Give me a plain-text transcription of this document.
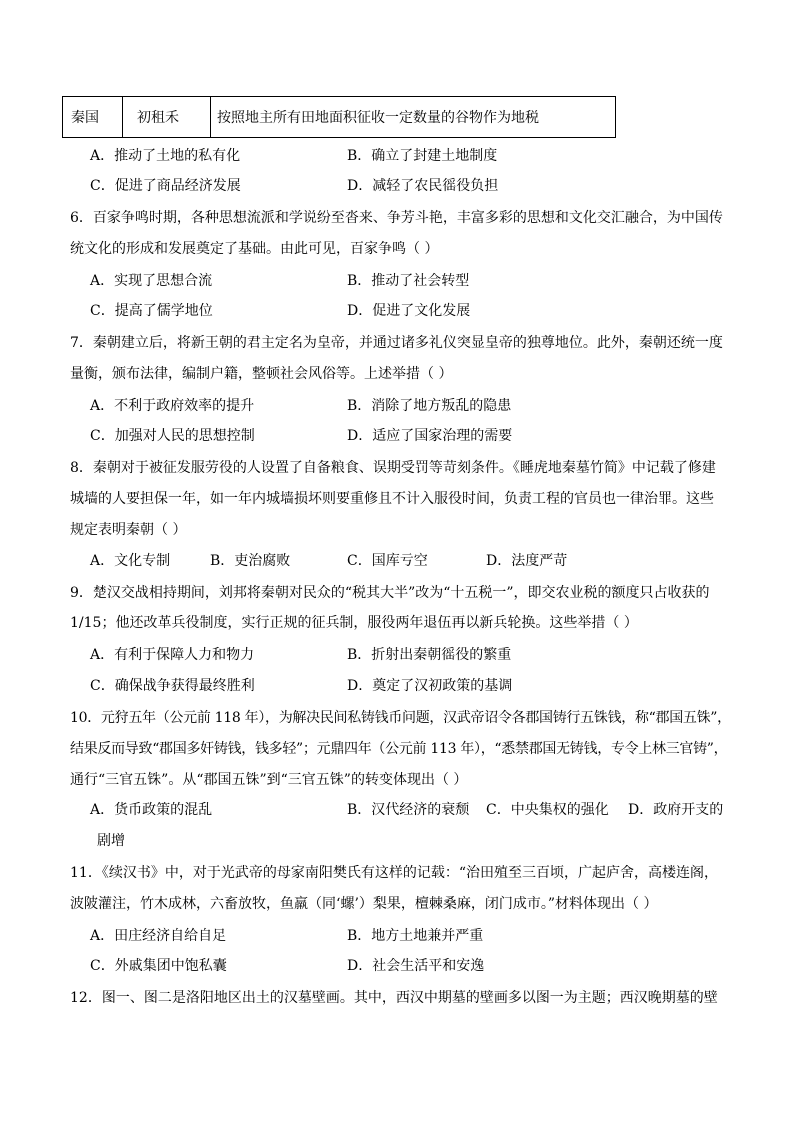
秦国	初租禾	按照地主所有田地面积征收一定数量的谷物作为地税
A．推动了土地的私有化	B．确立了封建土地制度
C．促进了商品经济发展	D．减轻了农民徭役负担
6．百家争鸣时期，各种思想流派和学说纷至沓来、争芳斗艳，丰富多彩的思想和文化交汇融合，为中国传
统文化的形成和发展奠定了基础。由此可见，百家争鸣（ ）
A．实现了思想合流	B．推动了社会转型
C．提高了儒学地位	D．促进了文化发展
7．秦朝建立后，将新王朝的君主定名为皇帝，并通过诸多礼仪突显皇帝的独尊地位。此外，秦朝还统一度
量衡，颁布法律，编制户籍，整顿社会风俗等。上述举措（ ）
A．不利于政府效率的提升	B．消除了地方叛乱的隐患
C．加强对人民的思想控制	D．适应了国家治理的需要
8．秦朝对于被征发服劳役的人设置了自备粮食、误期受罚等苛刻条件。《睡虎地秦墓竹简》中记载了修建
城墙的人要担保一年，如一年内城墙损坏则要重修且不计入服役时间，负责工程的官员也一律治罪。这些
规定表明秦朝（ ）
A．文化专制	B．吏治腐败	C．国库亏空	D．法度严苛
9．楚汉交战相持期间，刘邦将秦朝对民众的“税其大半”改为“十五税一”，即交农业税的额度只占收获的
1/15；他还改革兵役制度，实行正规的征兵制，服役两年退伍再以新兵轮换。这些举措（ ）
A．有利于保障人力和物力	B．折射出秦朝徭役的繁重
C．确保战争获得最终胜利	D．奠定了汉初政策的基调
10．元狩五年（公元前 118 年），为解决民间私铸钱币问题，汉武帝诏令各郡国铸行五铢钱，称“郡国五铢”，
结果反而导致“郡国多奸铸钱，钱多轻”；元鼎四年（公元前 113 年），“悉禁郡国无铸钱，专令上林三官铸”，
通行“三官五铢”。从“郡国五铢”到“三官五铢”的转变体现出（ ）
A．货币政策的混乱	B．汉代经济的衰颓 C．中央集权的强化 D．政府开支的
剧增
11．《续汉书》中，对于光武帝的母家南阳樊氏有这样的记载：“治田殖至三百顷，广起庐舍，高楼连阁，
波陂灌注，竹木成林，六畜放牧，鱼羸（同‘螺’）梨果，檀棘桑麻，闭门成市。”材料体现出（ ）
A．田庄经济自给自足	B．地方土地兼并严重
C．外戚集团中饱私囊	D．社会生活平和安逸
12．图一、图二是洛阳地区出土的汉墓壁画。其中，西汉中期墓的壁画多以图一为主题；西汉晚期墓的壁
